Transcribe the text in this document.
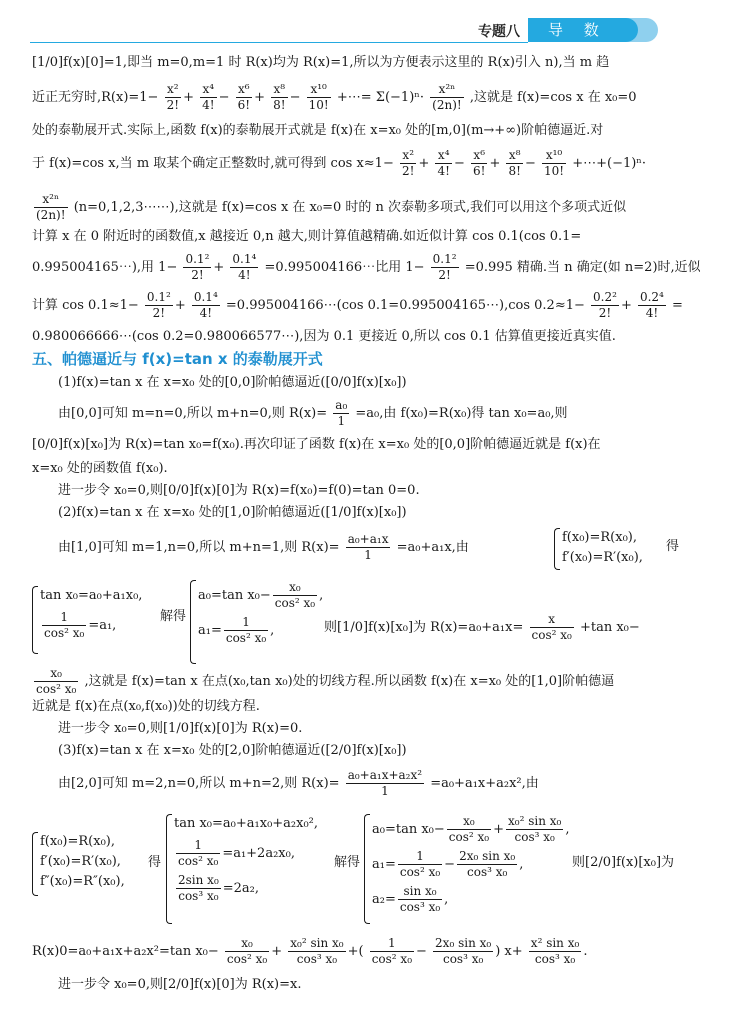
专题八 导 数
[1/0]f(x)[0]=1,即当 m=0,m=1 时 R(x)均为 R(x)=1,所以为方便表示这里的 R(x)引入 n),当 m 趋
近正无穷时$,R(x)=1- \frac{\text{x²}}{2!} + \frac{\text{x⁴}}{4!} - \frac{\text{x⁶}}{6!} + \frac{\text{x⁸}}{8!} - \frac{\text{x¹⁰}}{10!}$ +⋯= $\Sigma(-1)^n\cdot \frac{\text{x²ⁿ}}{(2n)!}$ ,这就是 f(x)=cos x 在 x₀=0
处的泰勒展开式.实际上,函数 f(x)的泰勒展开式就是 f(x)在 x=x₀ 处的[m,0](m→+∞)阶帕德逼近.对
于 f(x)=cos x,当 m 取某个确定正整数时,就可得到 $\cos x\approx 1- \frac{\text{x²}}{2!} + \frac{\text{x⁴}}{4!} - \frac{\text{x⁶}}{6!} + \frac{\text{x⁸}}{8!} - \frac{\text{x¹⁰}}{10!}$ +⋯+(−1)ⁿ·
$\frac{\text{x²ⁿ}}{(2n)!}$ (n=0,1,2,3⋯⋯),这就是 f(x)=cos x 在 x₀=0 时的 n 次泰勒多项式,我们可以用这个多项式近似
计算 x 在 0 附近时的函数值,x 越接近 0,n 越大,则计算值越精确.如近似计算 cos 0.1(cos 0.1=
0.995004165⋯),用 $1- \frac{\text{0.1²}}{2!} + \frac{\text{0.1⁴}}{4!}$ =0.995004166⋯比用 $1- \frac{\text{0.1²}}{2!} =0.995$ 精确.当 n 确定(如 n=2)时,近似
计算 $\cos 0.1\approx 1- \frac{\text{0.1²}}{2!} + \frac{\text{0.1⁴}}{4!}$ =0.995004166⋯(cos 0.1=0.995004165⋯),cos $0.2\approx 1- \frac{\text{0.2²}}{2!} + \frac{\text{0.2⁴}}{4!}$ =
0.980066666⋯(cos 0.2=0.980066577⋯),因为 0.1 更接近 0,所以 cos 0.1 估算值更接近真实值.
五、帕德逼近与 f(x)=tan x 的泰勒展开式
(1)f(x)=tan x 在 x=x₀ 处的[0,0]阶帕德逼近([0/0]f(x)[x₀])
由[0,0]可知 m=n=0,所以 m+n=0,则 $R(x)= \frac{\text{a₀}}{1} =a_0$,由 f(x₀)=R(x₀)得 tan x₀=a₀,则
[0/0]f(x)[x₀]为 R(x)=tan x₀=f(x₀).再次印证了函数 f(x)在 x=x₀ 处的[0,0]阶帕德逼近就是 f(x)在
x=x₀ 处的函数值 f(x₀).
进一步令 x₀=0,则[0/0]f(x)[0]为 R(x)=f(x₀)=f(0)=tan 0=0.
(2)f(x)=tan x 在 x=x₀ 处的[1,0]阶帕德逼近([1/0]f(x)[x₀])
由[1,0]可知 m=1,n=0,所以 m+n=1,则 $R(x)= \frac{\text{a₀+a₁x}}{1} =a_0+a_1x$,由
f(x₀)=R(x₀),
f′(x₀)=R′(x₀),
得
tan x₀=a₀+a₁x₀,
$\frac{1}{\text{cos² x₀}} =a_1$,
解得
a₀=tan $x_0- \frac{\text{x₀}}{\text{cos² x₀}}$ ,
$a_1= \frac{1}{\text{cos² x₀}}$ ,	则[1/0]f(x)[x₀]为 $R(x)=a_0+a_1x= \frac{x}{\text{cos² x₀}} +\tan$ x₀−
$\frac{\text{x₀}}{\text{cos² x₀}}$ ,这就是 f(x)=tan x 在点(x₀,tan x₀)处的切线方程.所以函数 f(x)在 x=x₀ 处的[1,0]阶帕德逼
近就是 f(x)在点(x₀,f(x₀))处的切线方程.
进一步令 x₀=0,则[1/0]f(x)[0]为 R(x)=0.
(3)f(x)=tan x 在 x=x₀ 处的[2,0]阶帕德逼近([2/0]f(x)[x₀])
由[2,0]可知 m=2,n=0,所以 m+n=2,则 $R(x)= \frac{\text{a₀+a₁x+a₂x²}}{1} =a_0+a_1x+a_2x^2$,由
f(x₀)=R(x₀),
f′(x₀)=R′(x₀),
f″(x₀)=R″(x₀),
得
tan x₀=a₀+a₁x₀+a₂x₀²,
$\frac{1}{\text{cos² x₀}} =a_1+2a_2x_0$,
$\frac{\text{2sin x₀}}{\text{cos³ x₀}} =2a_2$,
解得
a₀=tan $x_0- \frac{\text{x₀}}{\text{cos² x₀}} + \frac{\text{x₀² sin x₀}}{\text{cos³ x₀}}$ ,
$a_1= \frac{1}{\text{cos² x₀}} - \frac{\text{2x₀ sin x₀}}{\text{cos³ x₀}}$ ,
$a_2= \frac{\text{sin x₀}}{\text{cos³ x₀}}$ ,
则[2/0]f(x)[x₀]为
R(x)0=a₀+a₁x+a₂x²=tan $x_0- \frac{\text{x₀}}{\text{cos² x₀}} + \frac{\text{x₀² sin x₀}}{\text{cos³ x₀}}$ +( $\frac{1}{\text{cos² x₀}} - \frac{\text{2x₀ sin x₀}}{\text{cos³ x₀}}$ ) $x+ \frac{\text{x² sin x₀}}{\text{cos³ x₀}}$ .
进一步令 x₀=0,则[2/0]f(x)[0]为 R(x)=x.
